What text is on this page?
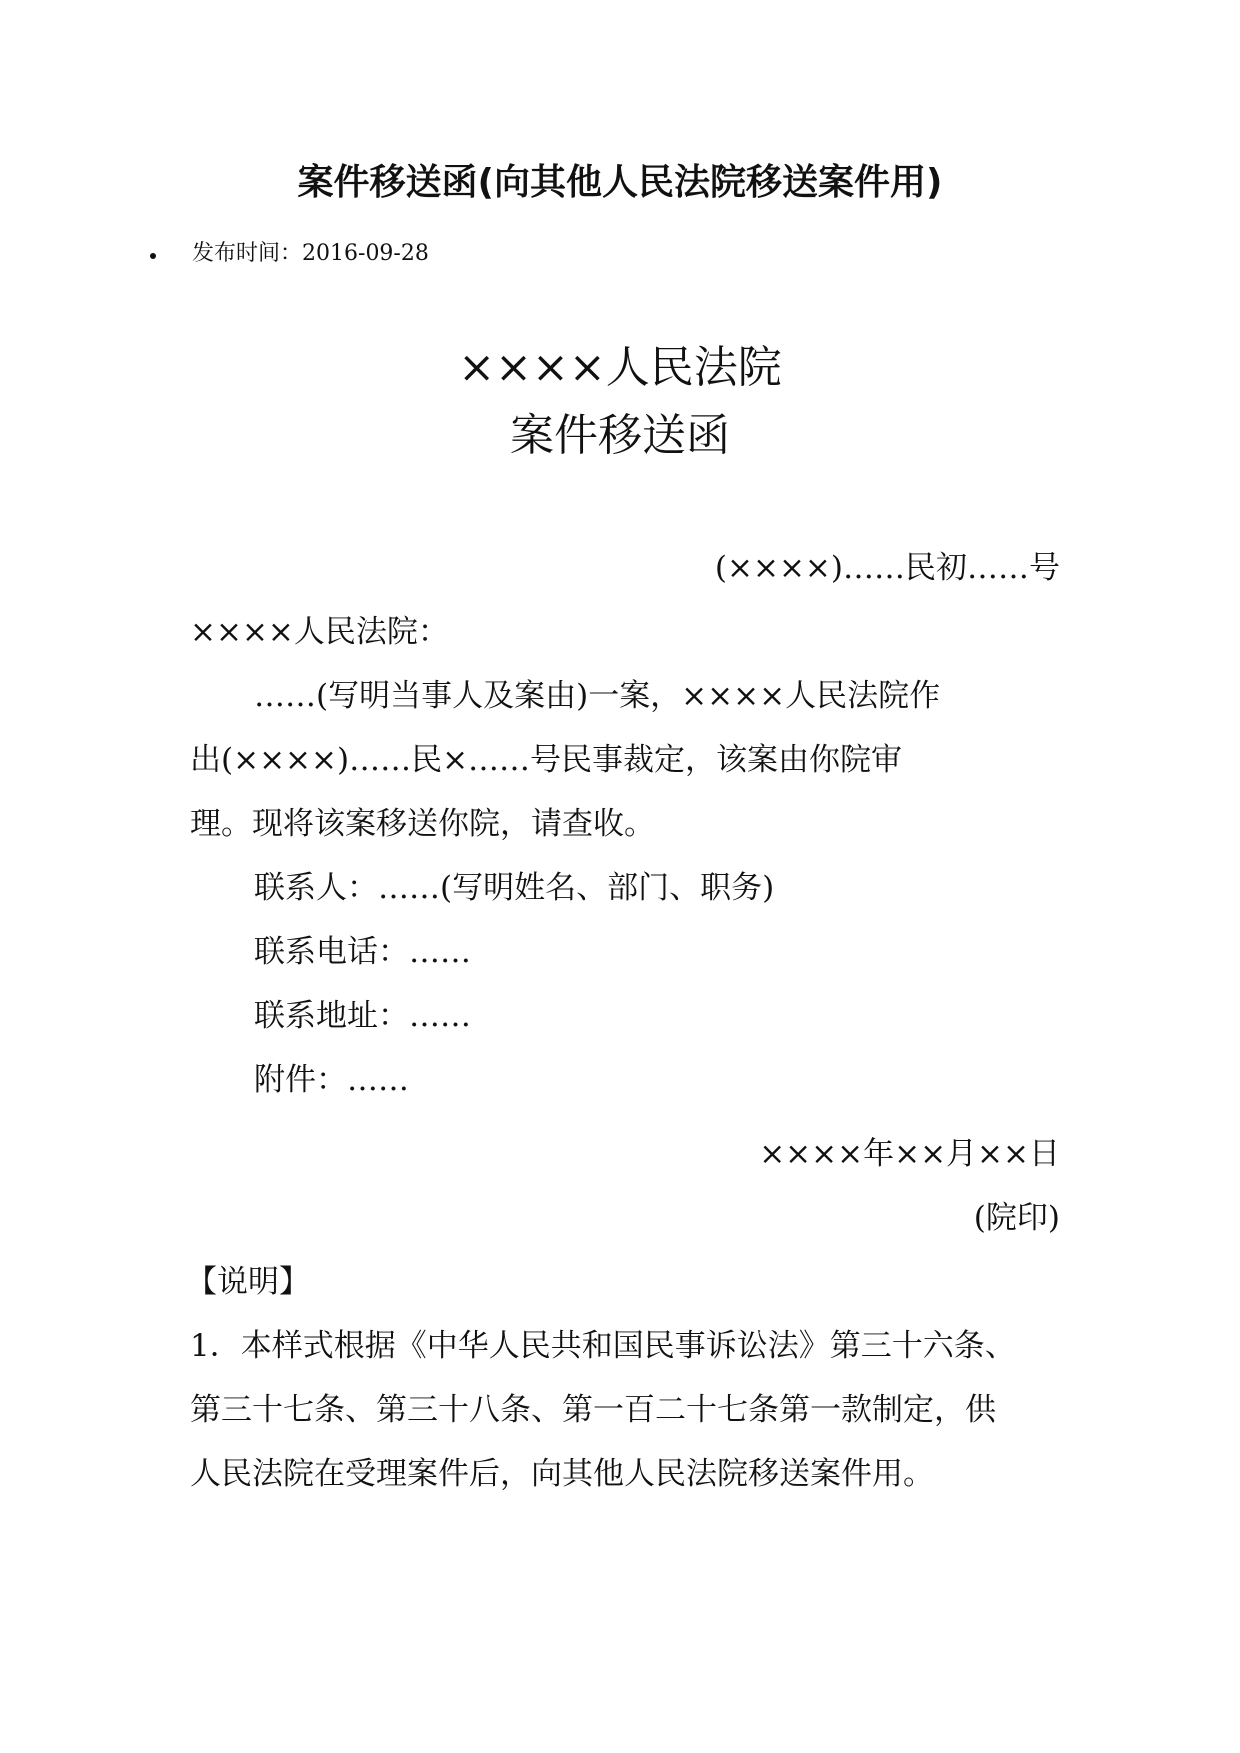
案件移送函(向其他人民法院移送案件用)
发布时间： 2016-09-28
××××人民法院
案件移送函
(××××)……民初……号
××××人民法院：
……(写明当事人及案由)一案，××××人民法院作
出(××××)……民×……号民事裁定，该案由你院审
理。现将该案移送你院，请查收。
联系人：……(写明姓名、部门、职务)
联系电话：……
联系地址：……
附件：……
××××年××月××日
(院印)
【说明】
1．本样式根据《中华人民共和国民事诉讼法》第三十六条、
第三十七条、第三十八条、第一百二十七条第一款制定，供
人民法院在受理案件后，向其他人民法院移送案件用。
